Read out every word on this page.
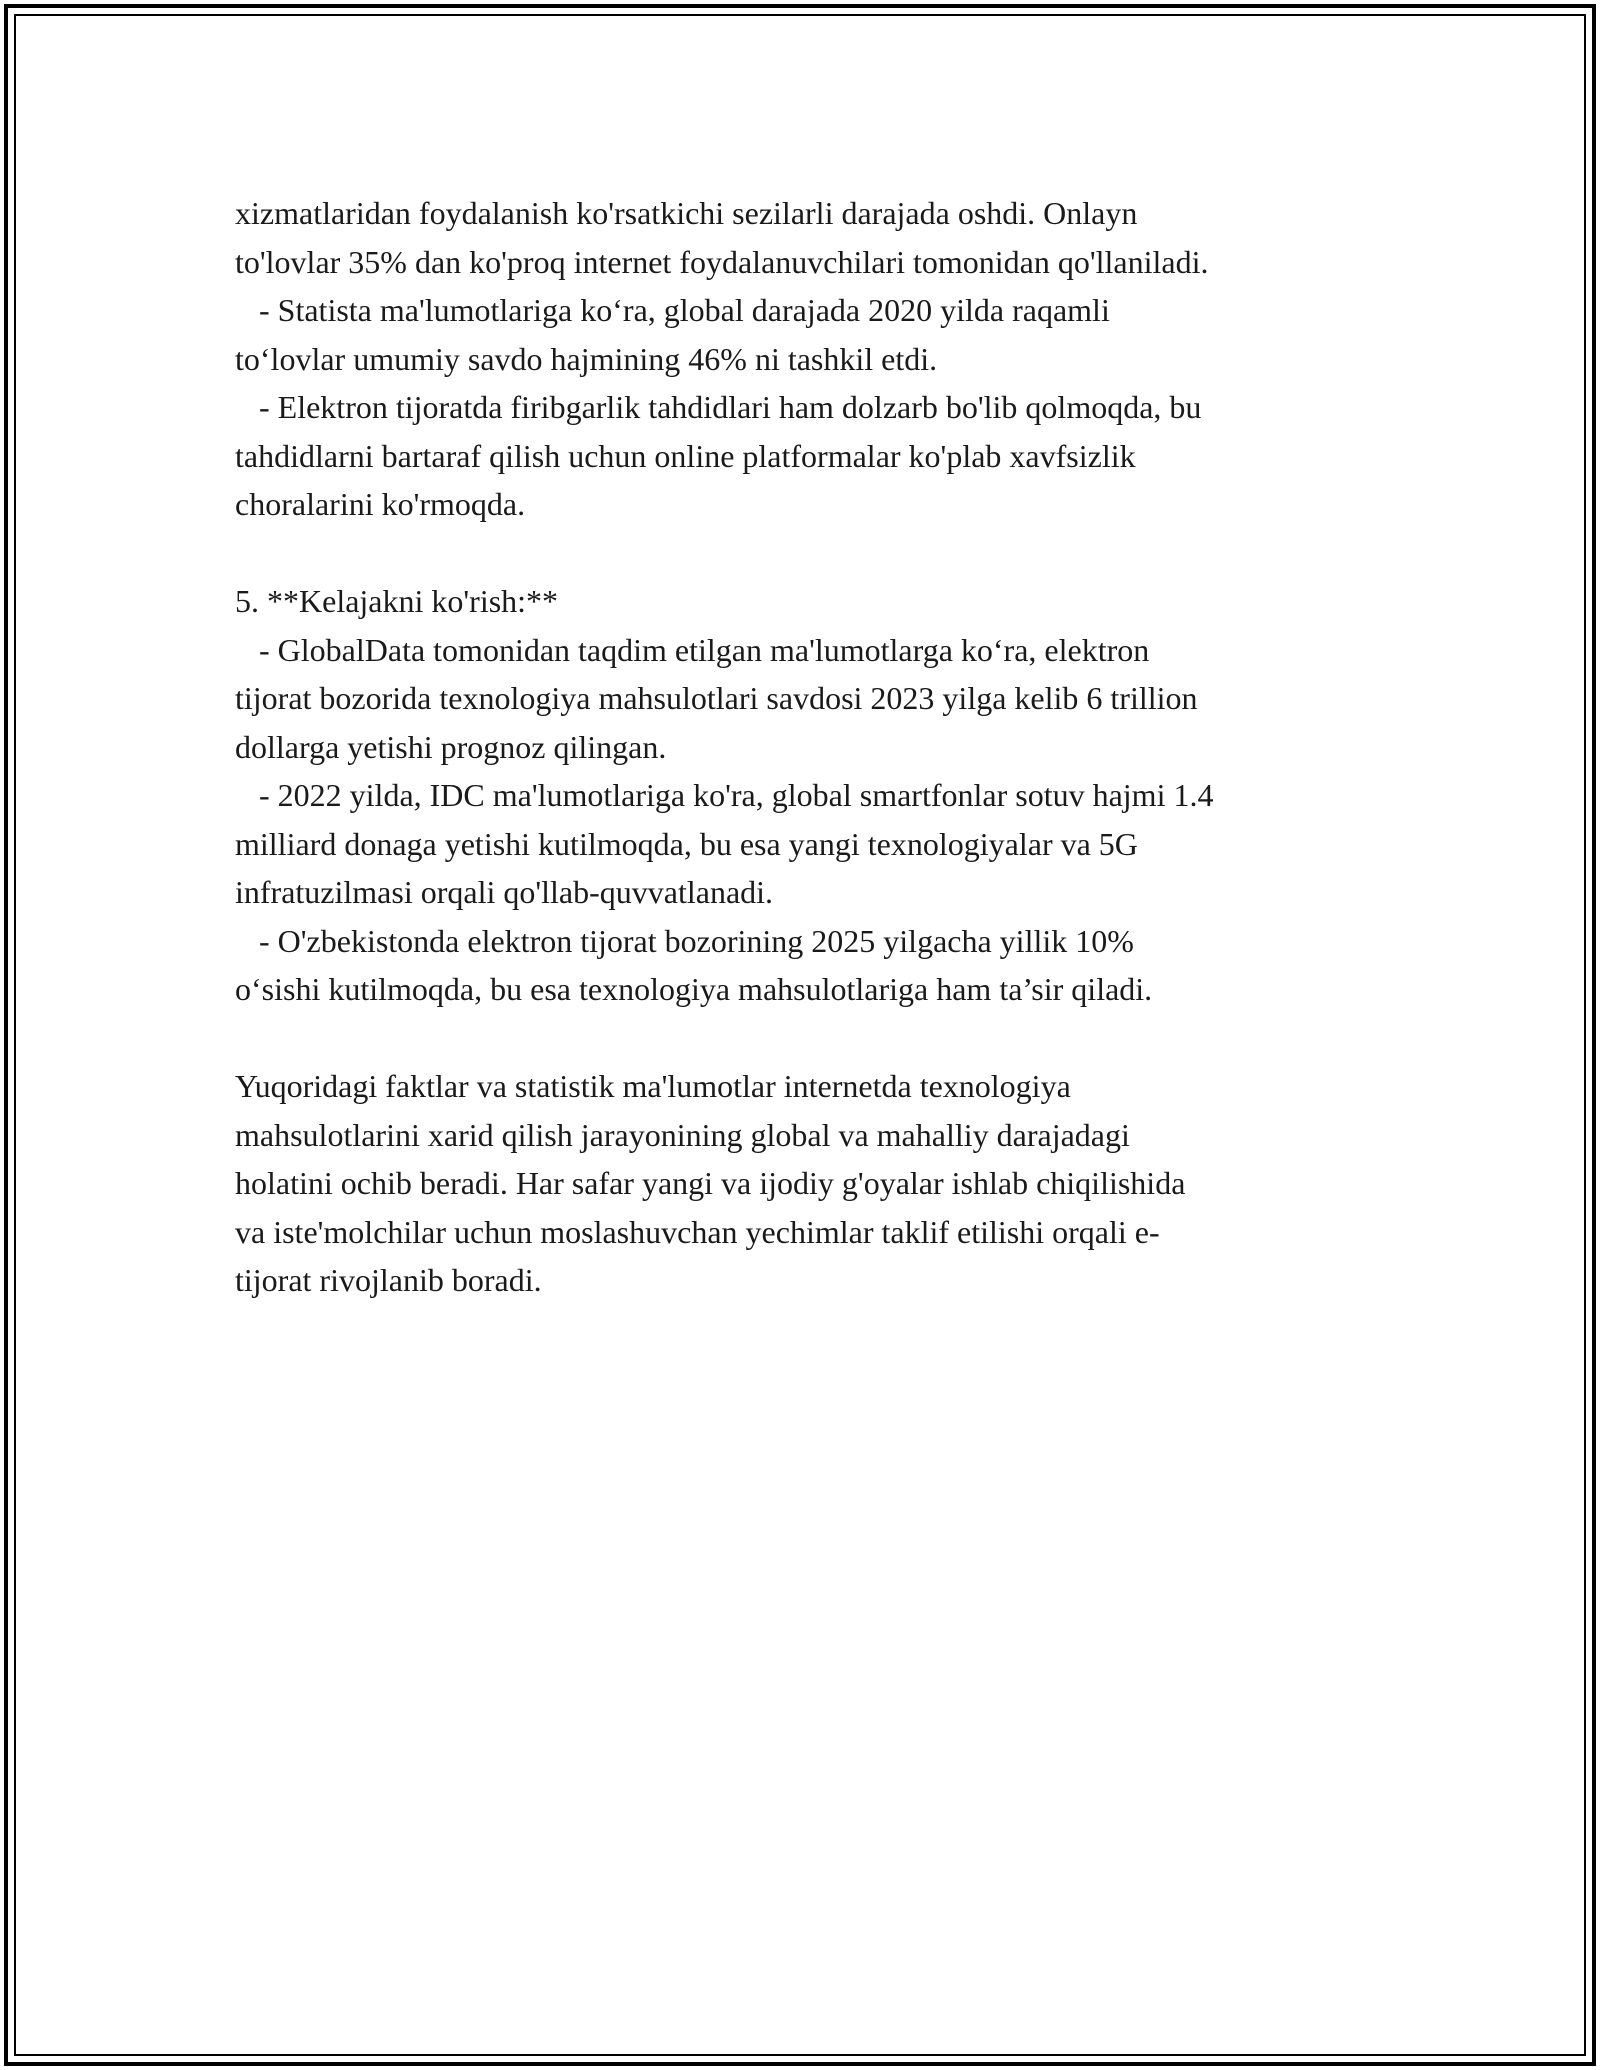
xizmatlaridan foydalanish ko'rsatkichi sezilarli darajada oshdi. Onlayn
to'lovlar 35% dan ko'proq internet foydalanuvchilari tomonidan qo'llaniladi.
- Statista ma'lumotlariga ko‘ra, global darajada 2020 yilda raqamli
to‘lovlar umumiy savdo hajmining 46% ni tashkil etdi.
- Elektron tijoratda firibgarlik tahdidlari ham dolzarb bo'lib qolmoqda, bu
tahdidlarni bartaraf qilish uchun online platformalar ko'plab xavfsizlik
choralarini ko'rmoqda.
5. **Kelajakni ko'rish:**
- GlobalData tomonidan taqdim etilgan ma'lumotlarga ko‘ra, elektron
tijorat bozorida texnologiya mahsulotlari savdosi 2023 yilga kelib 6 trillion
dollarga yetishi prognoz qilingan.
- 2022 yilda, IDC ma'lumotlariga ko'ra, global smartfonlar sotuv hajmi 1.4
milliard donaga yetishi kutilmoqda, bu esa yangi texnologiyalar va 5G
infratuzilmasi orqali qo'llab-quvvatlanadi.
- O'zbekistonda elektron tijorat bozorining 2025 yilgacha yillik 10%
o‘sishi kutilmoqda, bu esa texnologiya mahsulotlariga ham ta’sir qiladi.
Yuqoridagi faktlar va statistik ma'lumotlar internetda texnologiya
mahsulotlarini xarid qilish jarayonining global va mahalliy darajadagi
holatini ochib beradi. Har safar yangi va ijodiy g'oyalar ishlab chiqilishida
va iste'molchilar uchun moslashuvchan yechimlar taklif etilishi orqali e-
tijorat rivojlanib boradi.
